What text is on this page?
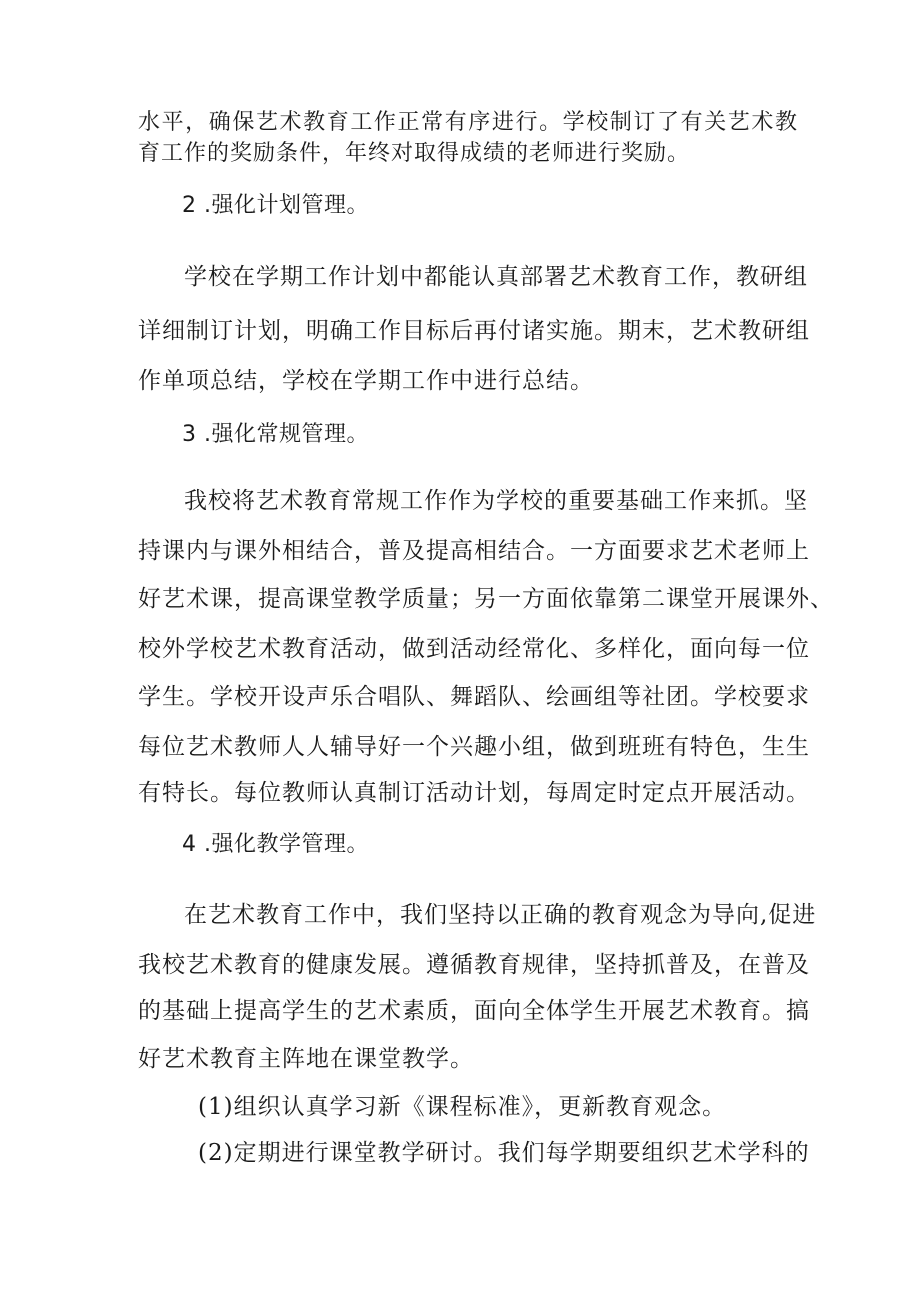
水平，确保艺术教育工作正常有序进行。学校制订了有关艺术教
育工作的奖励条件，年终对取得成绩的老师进行奖励。
2 .强化计划管理。
学校在学期工作计划中都能认真部署艺术教育工作，教研组
详细制订计划，明确工作目标后再付诸实施。期末，艺术教研组
作单项总结，学校在学期工作中进行总结。
3 .强化常规管理。
我校将艺术教育常规工作作为学校的重要基础工作来抓。坚
持课内与课外相结合，普及提高相结合。一方面要求艺术老师上
好艺术课，提高课堂教学质量；另一方面依靠第二课堂开展课外、
校外学校艺术教育活动，做到活动经常化、多样化，面向每一位
学生。学校开设声乐合唱队、舞蹈队、绘画组等社团。学校要求
每位艺术教师人人辅导好一个兴趣小组，做到班班有特色，生生
有特长。每位教师认真制订活动计划，每周定时定点开展活动。
4 .强化教学管理。
在艺术教育工作中，我们坚持以正确的教育观念为导向,促进
我校艺术教育的健康发展。遵循教育规律，坚持抓普及，在普及
的基础上提高学生的艺术素质，面向全体学生开展艺术教育。搞
好艺术教育主阵地在课堂教学。
(1)组织认真学习新《课程标准》，更新教育观念。
(2)定期进行课堂教学研讨。我们每学期要组织艺术学科的
